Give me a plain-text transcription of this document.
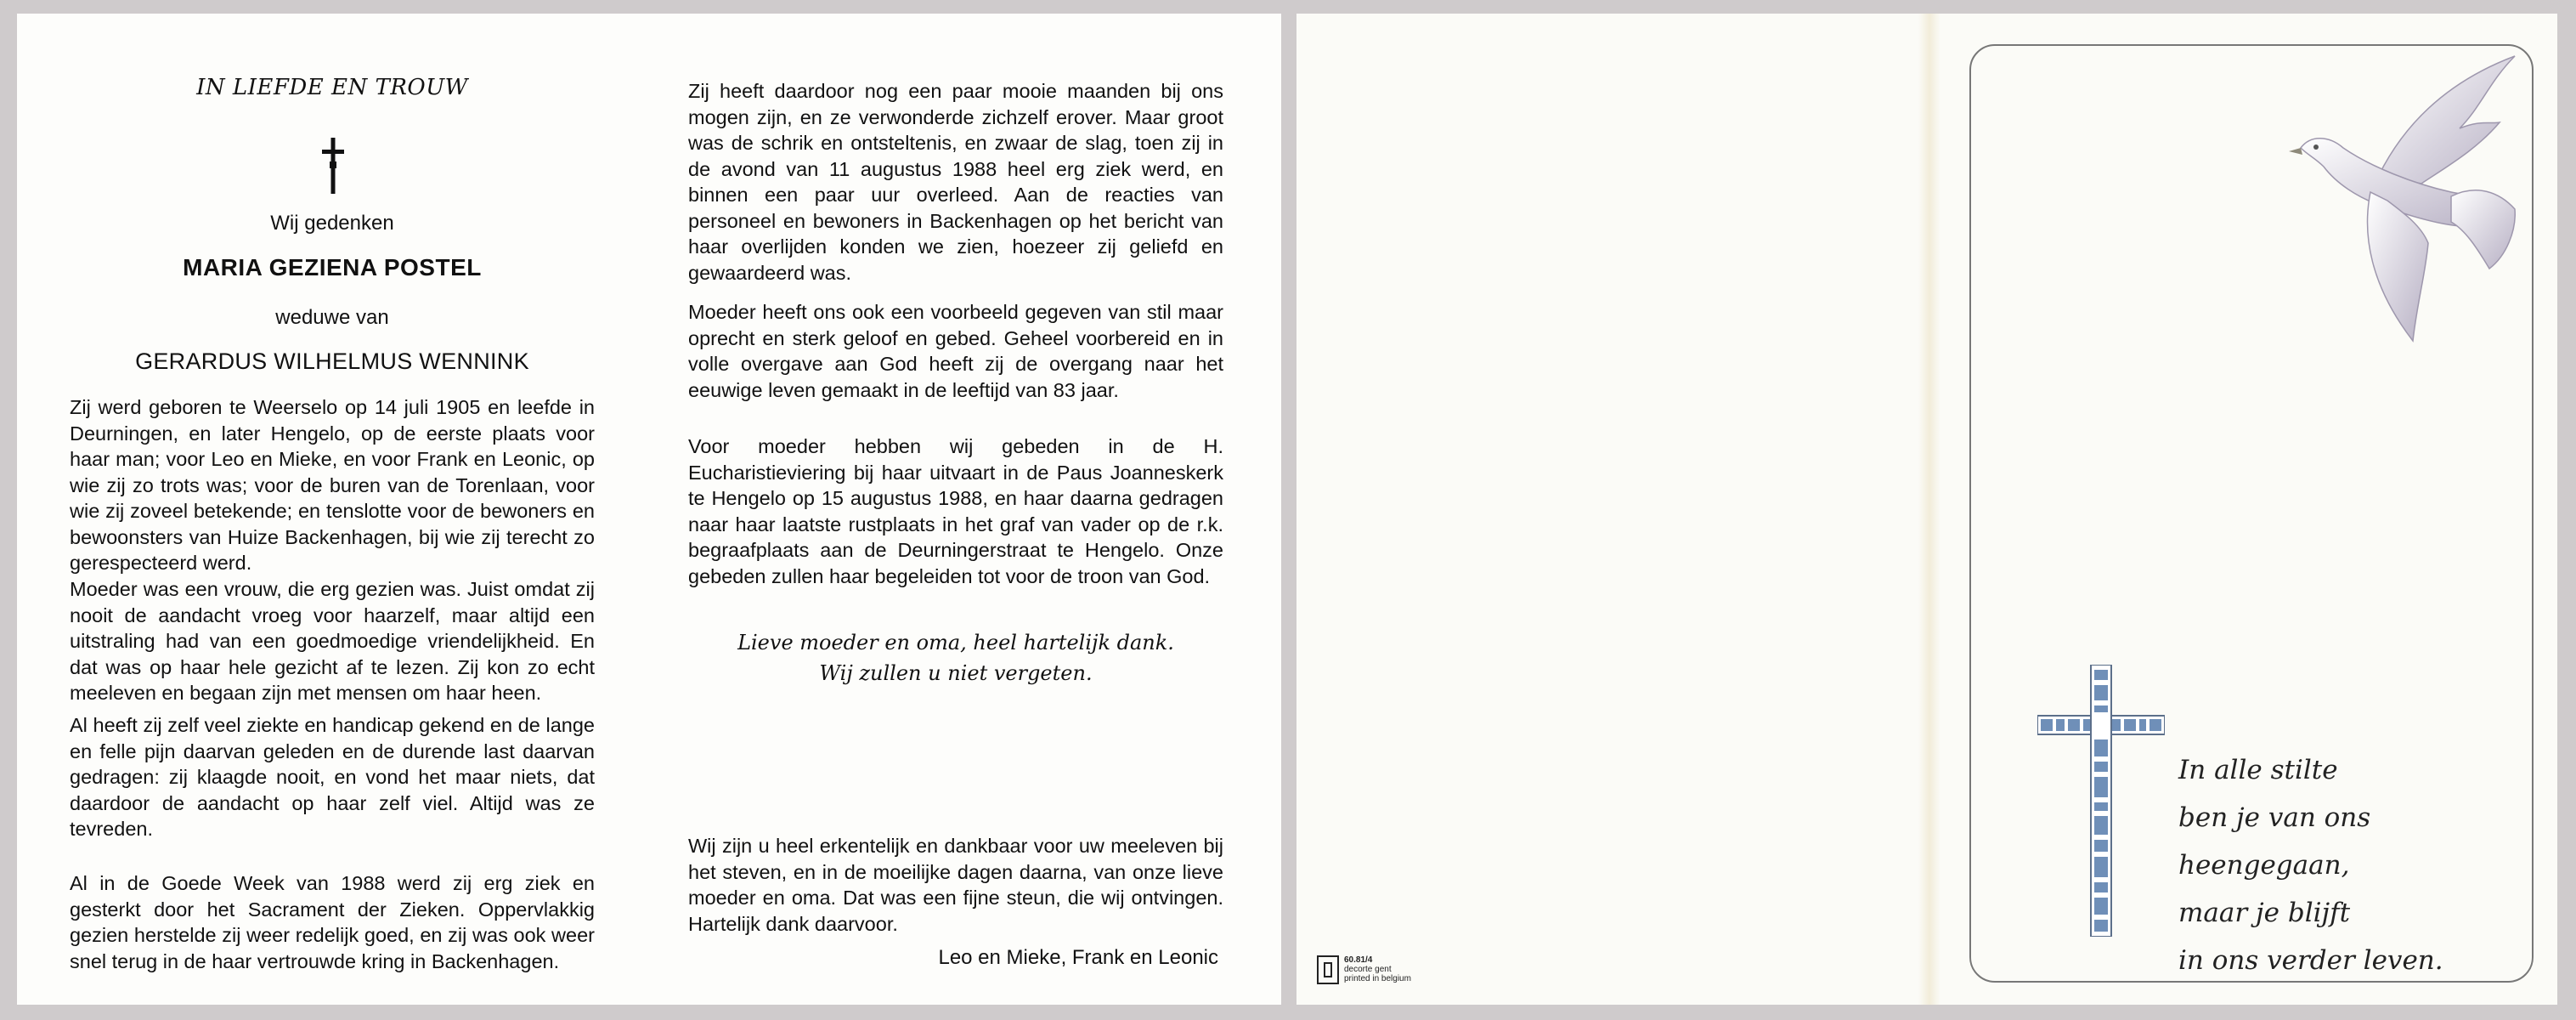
IN LIEFDE EN TROUW
Wij gedenken
MARIA GEZIENA POSTEL
weduwe van
GERARDUS WILHELMUS WENNINK

Zij werd geboren te Weerselo op 14 juli 1905 en leefde in Deurningen, en later Hengelo, op de eerste plaats voor haar man; voor Leo en Mieke, en voor Frank en Leonic, op wie zij zo trots was; voor de buren van de Torenlaan, voor wie zij zoveel betekende; en tenslotte voor de bewoners en bewoonsters van Huize Backenhagen, bij wie zij terecht zo gerespecteerd werd.

Moeder was een vrouw, die erg gezien was. Juist omdat zij nooit de aandacht vroeg voor haarzelf, maar altijd een uitstraling had van een goedmoedige vriendelijkheid. En dat was op haar hele gezicht af te lezen. Zij kon zo echt meeleven en begaan zijn met mensen om haar heen.

Al heeft zij zelf veel ziekte en handicap gekend en de lange en felle pijn daarvan geleden en de durende last daarvan gedragen: zij klaagde nooit, en vond het maar niets, dat daardoor de aandacht op haar zelf viel. Altijd was ze tevreden.

Al in de Goede Week van 1988 werd zij erg ziek en gesterkt door het Sacrament der Zieken. Oppervlakkig gezien herstelde zij weer redelijk goed, en zij was ook weer snel terug in de haar vertrouwde kring in Backenhagen.

Zij heeft daardoor nog een paar mooie maanden bij ons mogen zijn, en ze verwonderde zichzelf erover. Maar groot was de schrik en ontsteltenis, en zwaar de slag, toen zij in de avond van 11 augustus 1988 heel erg ziek werd, en binnen een paar uur overleed. Aan de reacties van personeel en bewoners in Backenhagen op het bericht van haar overlijden konden we zien, hoezeer zij geliefd en gewaardeerd was.

Moeder heeft ons ook een voorbeeld gegeven van stil maar oprecht en sterk geloof en gebed. Geheel voorbereid en in volle overgave aan God heeft zij de overgang naar het eeuwige leven gemaakt in de leeftijd van 83 jaar.

Voor moeder hebben wij gebeden in de H. Eucharistieviering bij haar uitvaart in de Paus Joanneskerk te Hengelo op 15 augustus 1988, en haar daarna gedragen naar haar laatste rustplaats in het graf van vader op de r.k. begraafplaats aan de Deurningerstraat te Hengelo. Onze gebeden zullen haar begeleiden tot voor de troon van God.

Lieve moeder en oma, heel hartelijk dank.
Wij zullen u niet vergeten.

Wij zijn u heel erkentelijk en dankbaar voor uw meeleven bij het steven, en in de moeilijke dagen daarna, van onze lieve moeder en oma. Dat was een fijne steun, die wij ontvingen. Hartelijk dank daarvoor.

Leo en Mieke, Frank en Leonic
In alle stilte
ben je van ons heengegaan,
maar je blijft
in ons verder leven.
60.81/4
decorte gent
printed in belgium
